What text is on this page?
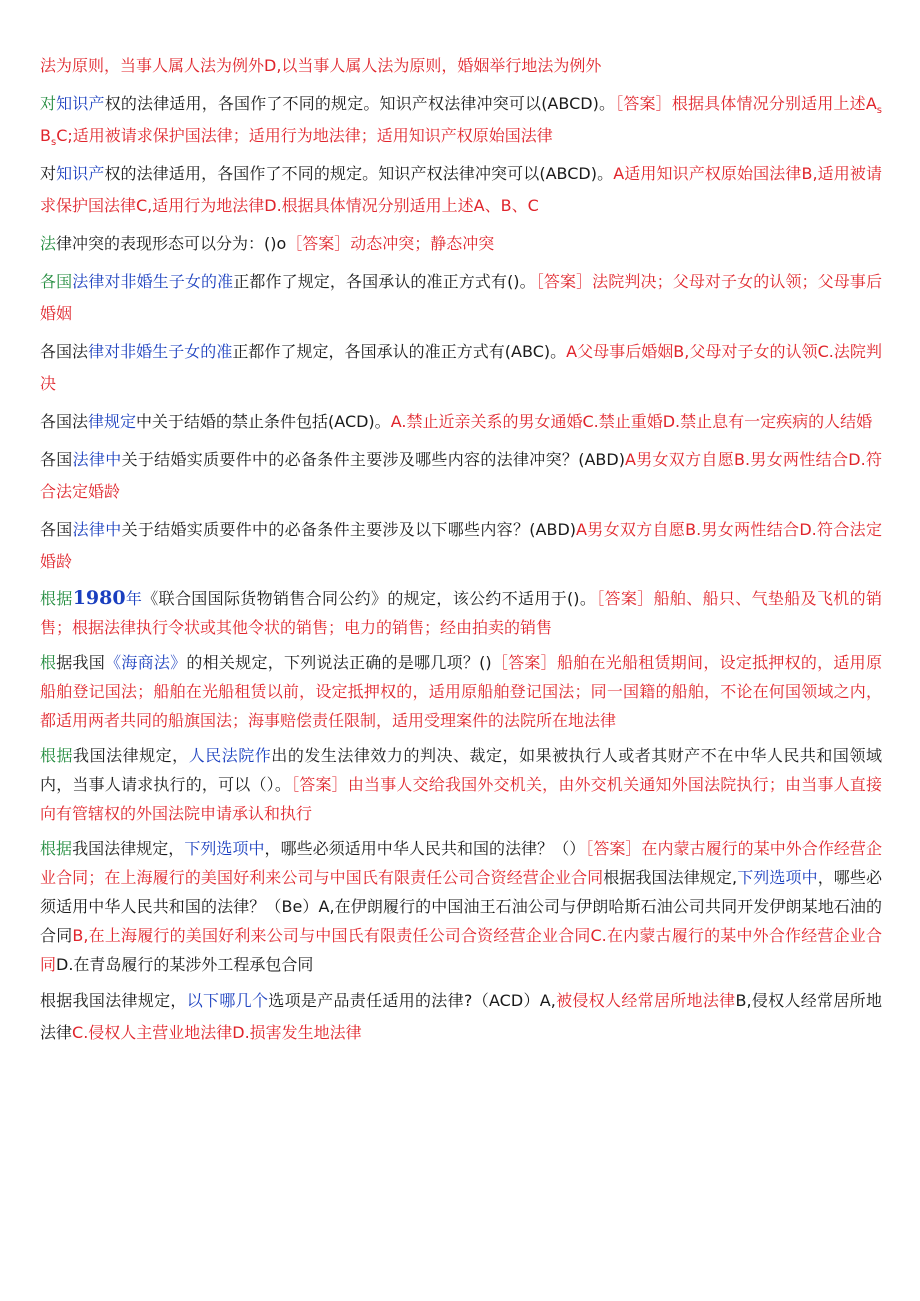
法为原则，当事人属人法为例外D,以当事人属人法为原则，婚姻举行地法为例外

对知识产权的法律适用，各国作了不同的规定。知识产权法律冲突可以(ABCD)。［答案］根据具体情况分别适用上述$A_sB_sC$;适用被请求保护国法律；适用行为地法律；适用知识产权原始国法律

对知识产权的法律适用，各国作了不同的规定。知识产权法律冲突可以(ABCD)。A适用知识产权原始国法律B,适用被请求保护国法律C,适用行为地法律D.根据具体情况分别适用上述A、B、C

法律冲突的表现形态可以分为：()o［答案］动态冲突；静态冲突

各国法律对非婚生子女的准正都作了规定，各国承认的准正方式有()。［答案］法院判决；父母对子女的认领；父母事后婚姻

各国法律对非婚生子女的准正都作了规定，各国承认的准正方式有(ABC)。A父母事后婚姻B,父母对子女的认领C.法院判决

各国法律规定中关于结婚的禁止条件包括(ACD)。A.禁止近亲关系的男女通婚C.禁止重婚D.禁止息有一定疾病的人结婚

各国法律中关于结婚实质要件中的必备条件主要涉及哪些内容的法律冲突？(ABD)A男女双方自愿B.男女两性结合D.符合法定婚龄

各国法律中关于结婚实质要件中的必备条件主要涉及以下哪些内容？(ABD)A男女双方自愿B.男女两性结合D.符合法定婚龄

根据1980年《联合国国际货物销售合同公约》的规定，该公约不适用于()。［答案］船舶、船只、气垫船及飞机的销售；根据法律执行令状或其他令状的销售；电力的销售；经由拍卖的销售

根据我国《海商法》的相关规定，下列说法正确的是哪几项？()［答案］船舶在光船租赁期间，设定抵押权的，适用原船舶登记国法；船舶在光船租赁以前，设定抵押权的，适用原船舶登记国法；同一国籍的船舶，不论在何国领域之内，都适用两者共同的船旗国法；海事赔偿责任限制，适用受理案件的法院所在地法律

根据我国法律规定，人民法院作出的发生法律效力的判决、裁定，如果被执行人或者其财产不在中华人民共和国领域内，当事人请求执行的，可以（）。［答案］由当事人交给我国外交机关，由外交机关通知外国法院执行；由当事人直接向有管辖权的外国法院申请承认和执行

根据我国法律规定，下列选项中，哪些必须适用中华人民共和国的法律？（）［答案］在内蒙古履行的某中外合作经营企业合同；在上海履行的美国好利来公司与中国氏有限责任公司合资经营企业合同根据我国法律规定,下列选项中，哪些必须适用中华人民共和国的法律？（Be）A,在伊朗履行的中国油王石油公司与伊朗哈斯石油公司共同开发伊朗某地石油的合同B,在上海履行的美国好利来公司与中国氏有限责任公司合资经营企业合同C.在内蒙古履行的某中外合作经营企业合同D.在青岛履行的某涉外工程承包合同

根据我国法律规定，以下哪几个选项是产品责任适用的法律?（ACD）A,被侵权人经常居所地法律B,侵权人经常居所地法律C.侵权人主营业地法律D.损害发生地法律
